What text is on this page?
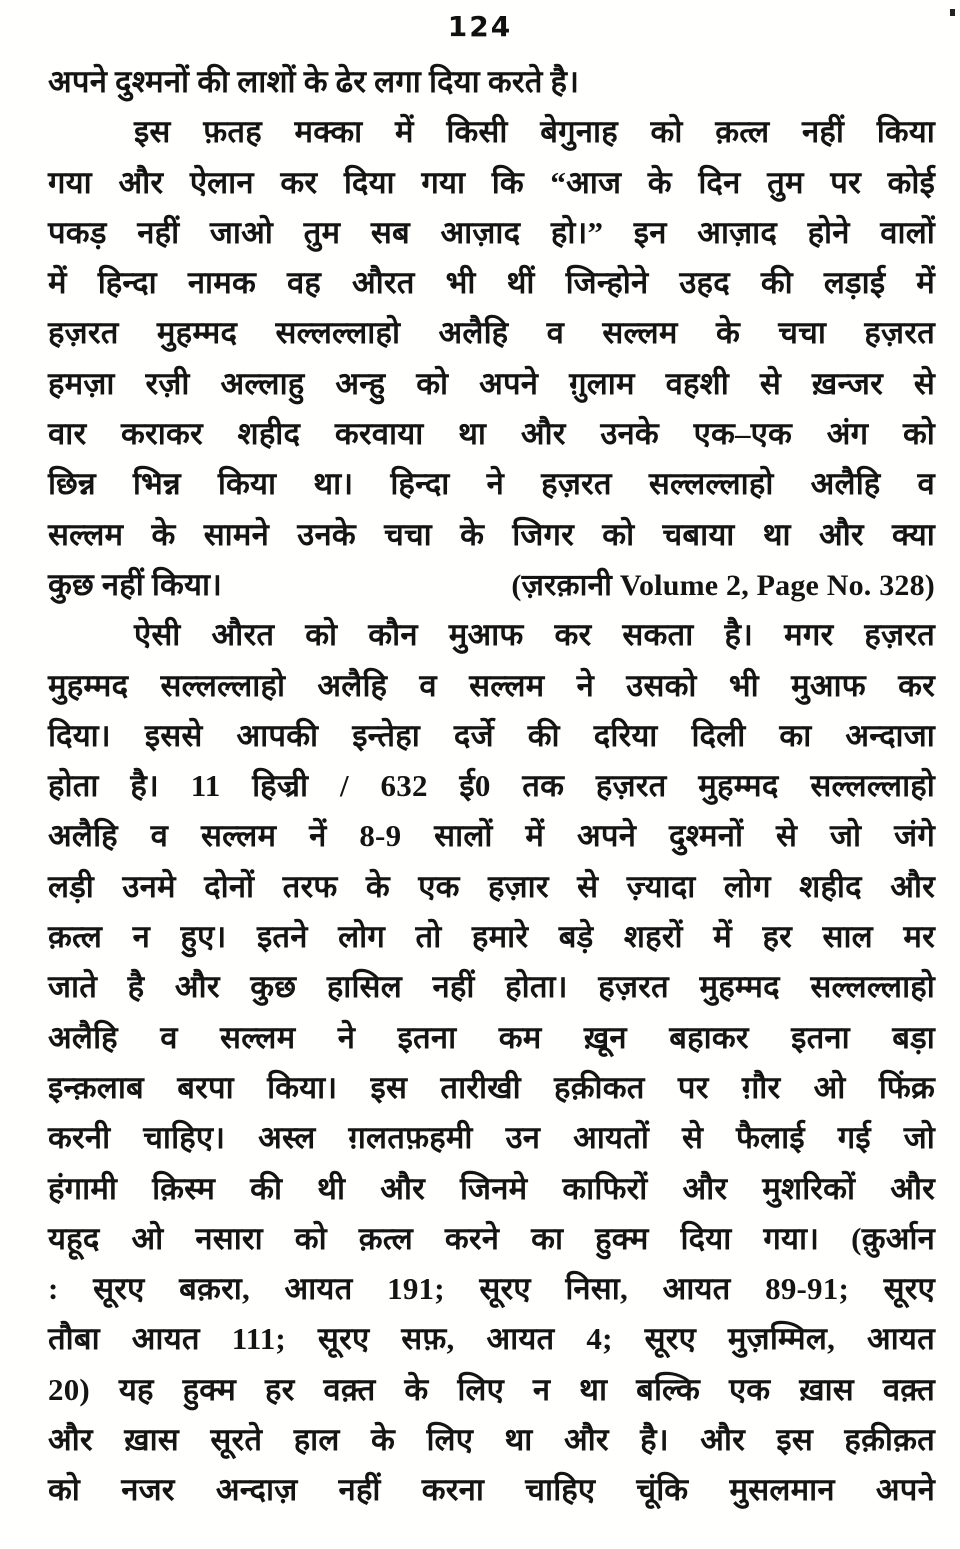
124
अपने दुश्मनों की लाशों के ढेर लगा दिया करते है।
इस फ़तह मक्का में किसी बेगुनाह को क़त्ल नहीं किया
गया और ऐलान कर दिया गया कि “आज के दिन तुम पर कोई
पकड़ नहीं जाओ तुम सब आज़ाद हो।” इन आज़ाद होने वालों
में हिन्दा नामक वह औरत भी थीं जिन्होने उहद की लड़ाई में
हज़रत मुहम्मद सल्लल्लाहो अलैहि व सल्लम के चचा हज़रत
हमज़ा रज़ी अल्लाहु अन्हु को अपने ग़ुलाम वहशी से ख़न्जर से
वार कराकर शहीद करवाया था और उनके एक–एक अंग को
छिन्न भिन्न किया था। हिन्दा ने हज़रत सल्लल्लाहो अलैहि व
सल्लम के सामने उनके चचा के जिगर को चबाया था और क्या
कुछ नहीं किया।	(ज़रक़ानी Volume 2, Page No. 328)
ऐसी औरत को कौन मुआफ कर सकता है। मगर हज़रत
मुहम्मद सल्लल्लाहो अलैहि व सल्लम ने उसको भी मुआफ कर
दिया। इससे आपकी इन्तेहा दर्जे की दरिया दिली का अन्दाजा
होता है। 11 हिज्री / 632 ई0 तक हज़रत मुहम्मद सल्लल्लाहो
अलैहि व सल्लम नें 8-9 सालों में अपने दुश्मनों से जो जंगे
लड़ी उनमे दोनों तरफ के एक हज़ार से ज़्यादा लोग शहीद और
क़त्ल न हुए। इतने लोग तो हमारे बड़े शहरों में हर साल मर
जाते है और कुछ हासिल नहीं होता। हज़रत मुहम्मद सल्लल्लाहो
अलैहि व सल्लम ने इतना कम ख़ून बहाकर इतना बड़ा
इन्क़लाब बरपा किया। इस तारीखी हक़ीकत पर ग़ौर ओ फिंक्र
करनी चाहिए। अस्ल ग़लतफ़हमी उन आयतों से फैलाई गई जो
हंगामी क़िस्म की थी और जिनमे काफिरों और मुशरिकों और
यहूद ओ नसारा को क़त्ल करने का हुक्म दिया गया। (क़ुर्आन
: सूरए बक़रा, आयत 191; सूरए निसा, आयत 89-91; सूरए
तौबा आयत 111; सूरए सफ़, आयत 4; सूरए मुज़म्मिल, आयत
20) यह हुक्म हर वक़्त के लिए न था बल्कि एक ख़ास वक़्त
और ख़ास सूरते हाल के लिए था और है। और इस हक़ीक़त
को नजर अन्दाज़ नहीं करना चाहिए चूंकि मुसलमान अपने
